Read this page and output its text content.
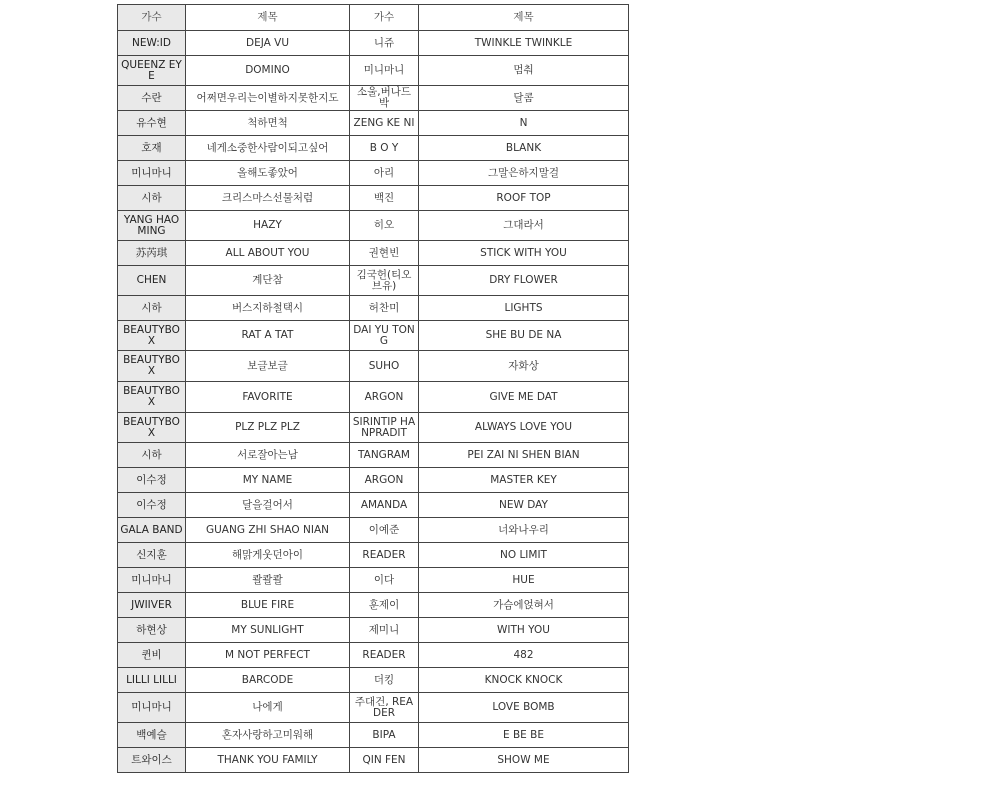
가수	제목	가수	제목
NEW:ID	DEJA VU	니쥬	TWINKLE TWINKLE
QUEENZ EYE	DOMINO	미니마니	멈춰
수란	어쩌면우리는이별하지못한지도	소울,버나드박	달콤
유수현	척하면척	ZENG KE NI	N
호재	네게소중한사람이되고싶어	B O Y	BLANK
미니마니	올해도좋았어	아리	그말은하지말걸
시하	크리스마스선물처럼	백진	ROOF TOP
YANG HAO MING	HAZY	히오	그대라서
苏芮琪	ALL ABOUT YOU	권현빈	STICK WITH YOU
CHEN	계단참	김국헌(티오브유)	DRY FLOWER
시하	버스지하철택시	허찬미	LIGHTS
BEAUTYBOX	RAT A TAT	DAI YU TONG	SHE BU DE NA
BEAUTYBOX	보글보글	SUHO	자화상
BEAUTYBOX	FAVORITE	ARGON	GIVE ME DAT
BEAUTYBOX	PLZ PLZ PLZ	SIRINTIP HANPRADIT	ALWAYS LOVE YOU
시하	서로잘아는남	TANGRAM	PEI ZAI NI SHEN BIAN
이수정	MY NAME	ARGON	MASTER KEY
이수정	달을걸어서	AMANDA	NEW DAY
GALA BAND	GUANG ZHI SHAO NIAN	이예준	너와나우리
신지훈	해맑게웃던아이	READER	NO LIMIT
미니마니	콸콸콸	이다	HUE
JWIIVER	BLUE FIRE	훈제이	가슴에얹혀서
하현상	MY SUNLIGHT	제미니	WITH YOU
퀸비	M NOT PERFECT	READER	482
LILLI LILLI	BARCODE	더킹	KNOCK KNOCK
미니마니	나에게	주대건, READER	LOVE BOMB
백예슬	혼자사랑하고미워해	BIPA	E BE BE
트와이스	THANK YOU FAMILY	QIN FEN	SHOW ME
